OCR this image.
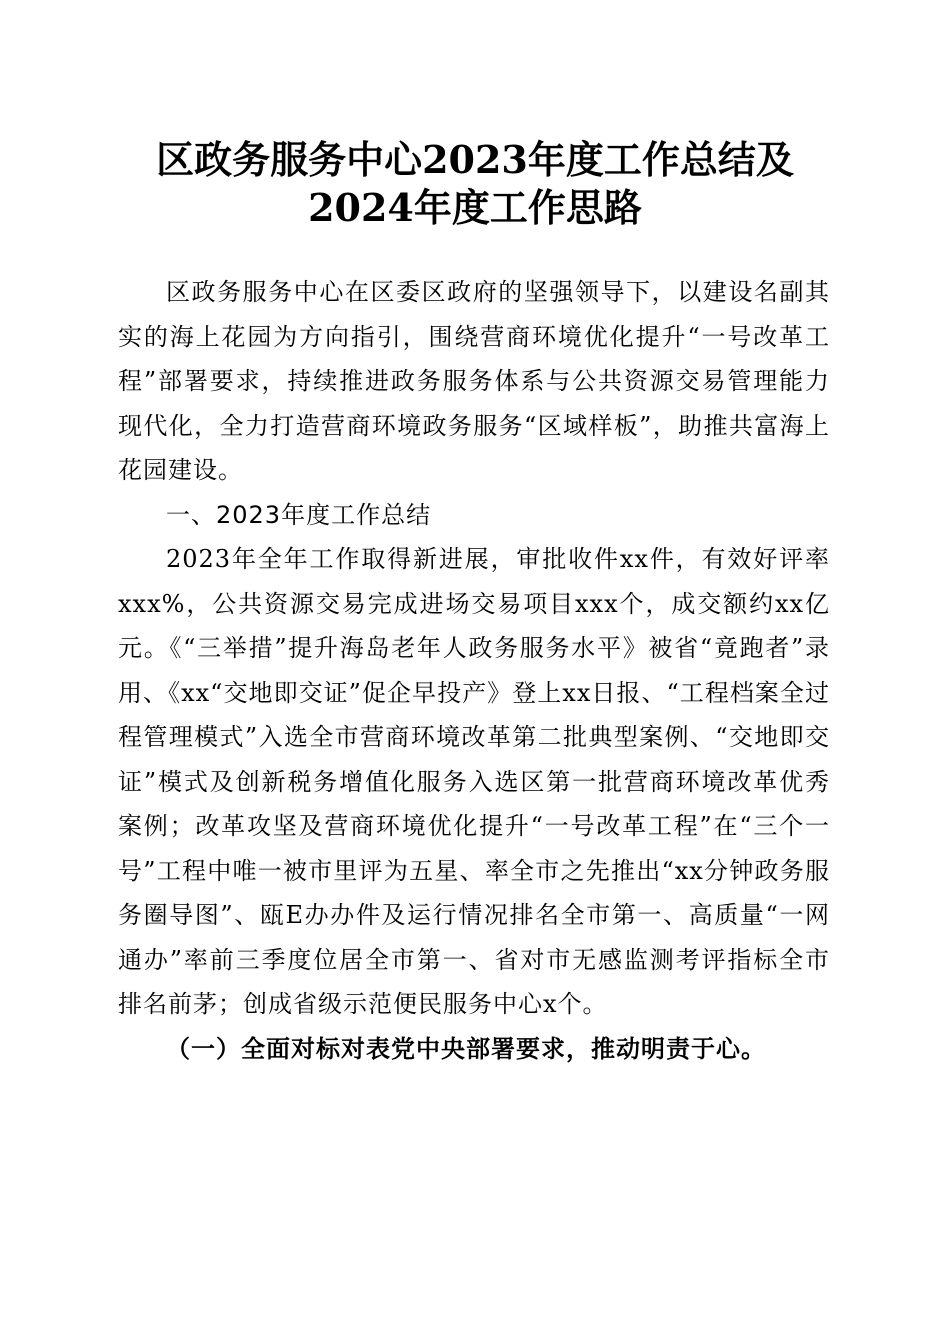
区政务服务中心2023年度工作总结及2024年度工作思路

区政务服务中心在区委区政府的坚强领导下，以建设名副其实的海上花园为方向指引，围绕营商环境优化提升“一号改革工程”部署要求，持续推进政务服务体系与公共资源交易管理能力现代化，全力打造营商环境政务服务“区域样板”，助推共富海上花园建设。

一、2023年度工作总结

2023年全年工作取得新进展，审批收件xx件，有效好评率xxx%，公共资源交易完成进场交易项目xxx个，成交额约xx亿元。《“三举措”提升海岛老年人政务服务水平》被省“竟跑者”录用、《xx“交地即交证”促企早投产》登上xx日报、“工程档案全过程管理模式”入选全市营商环境改革第二批典型案例、“交地即交证”模式及创新税务增值化服务入选区第一批营商环境改革优秀案例；改革攻坚及营商环境优化提升“一号改革工程”在“三个一号”工程中唯一被市里评为五星、率全市之先推出“xx分钟政务服务圈导图”、瓯E办办件及运行情况排名全市第一、高质量“一网通办”率前三季度位居全市第一、省对市无感监测考评指标全市排名前茅；创成省级示范便民服务中心x个。

（一）全面对标对表党中央部署要求，推动明责于心。
